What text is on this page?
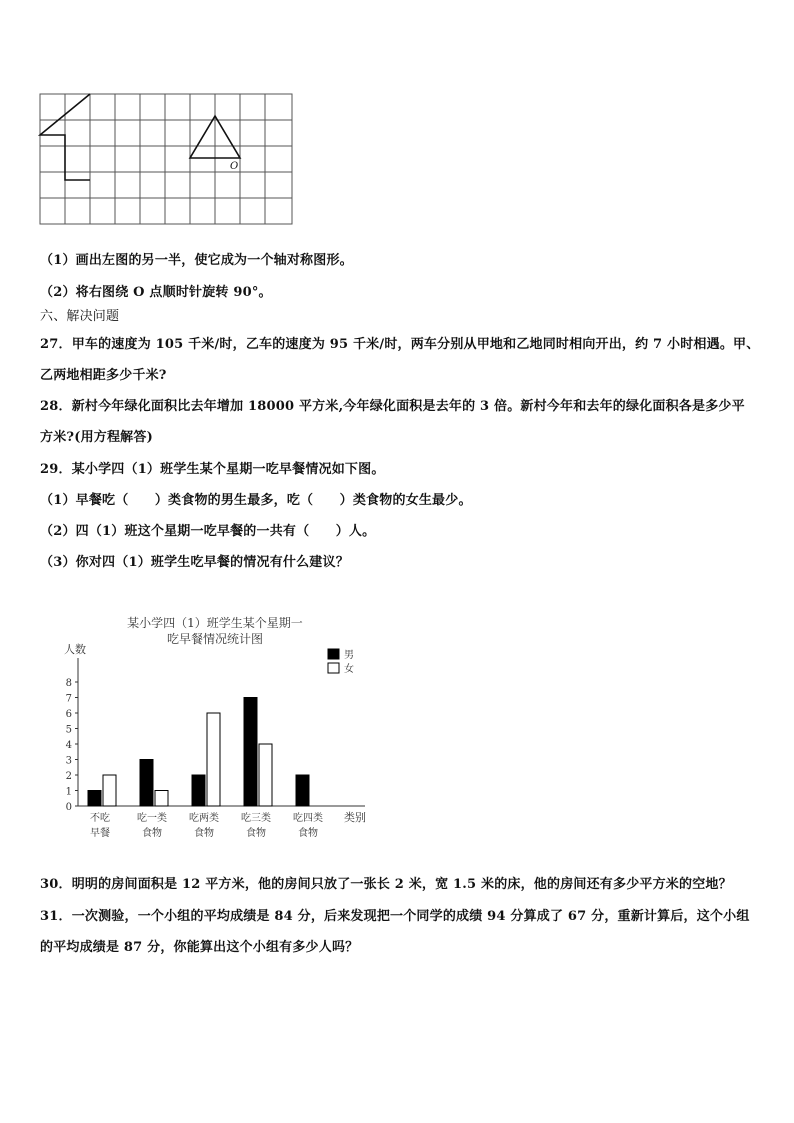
O
（1）画出左图的另一半，使它成为一个轴对称图形。
（2）将右图绕 O 点顺时针旋转 90°。
六、解决问题
27．甲车的速度为 105 千米/时，乙车的速度为 95 千米/时，两车分别从甲地和乙地同时相向开出，约 7 小时相遇。甲、
乙两地相距多少千米?
28．新村今年绿化面积比去年增加 18000 平方米,今年绿化面积是去年的 3 倍。新村今年和去年的绿化面积各是多少平
方米?(用方程解答)
29．某小学四（1）班学生某个星期一吃早餐情况如下图。
（1）早餐吃（　　）类食物的男生最多，吃（　　）类食物的女生最少。
（2）四（1）班这个星期一吃早餐的一共有（　　）人。
（3）你对四（1）班学生吃早餐的情况有什么建议？
某小学四（1）班学生某个星期一
吃早餐情况统计图
人数
类别
男
女
0
1
2
3
4
5
6
7
8
不吃
早餐
吃一类
食物
吃两类
食物
吃三类
食物
吃四类
食物
30．明明的房间面积是 12 平方米，他的房间只放了一张长 2 米，宽 1.5 米的床，他的房间还有多少平方米的空地？
31．一次测验，一个小组的平均成绩是 84 分，后来发现把一个同学的成绩 94 分算成了 67 分，重新计算后，这个小组
的平均成绩是 87 分，你能算出这个小组有多少人吗？
